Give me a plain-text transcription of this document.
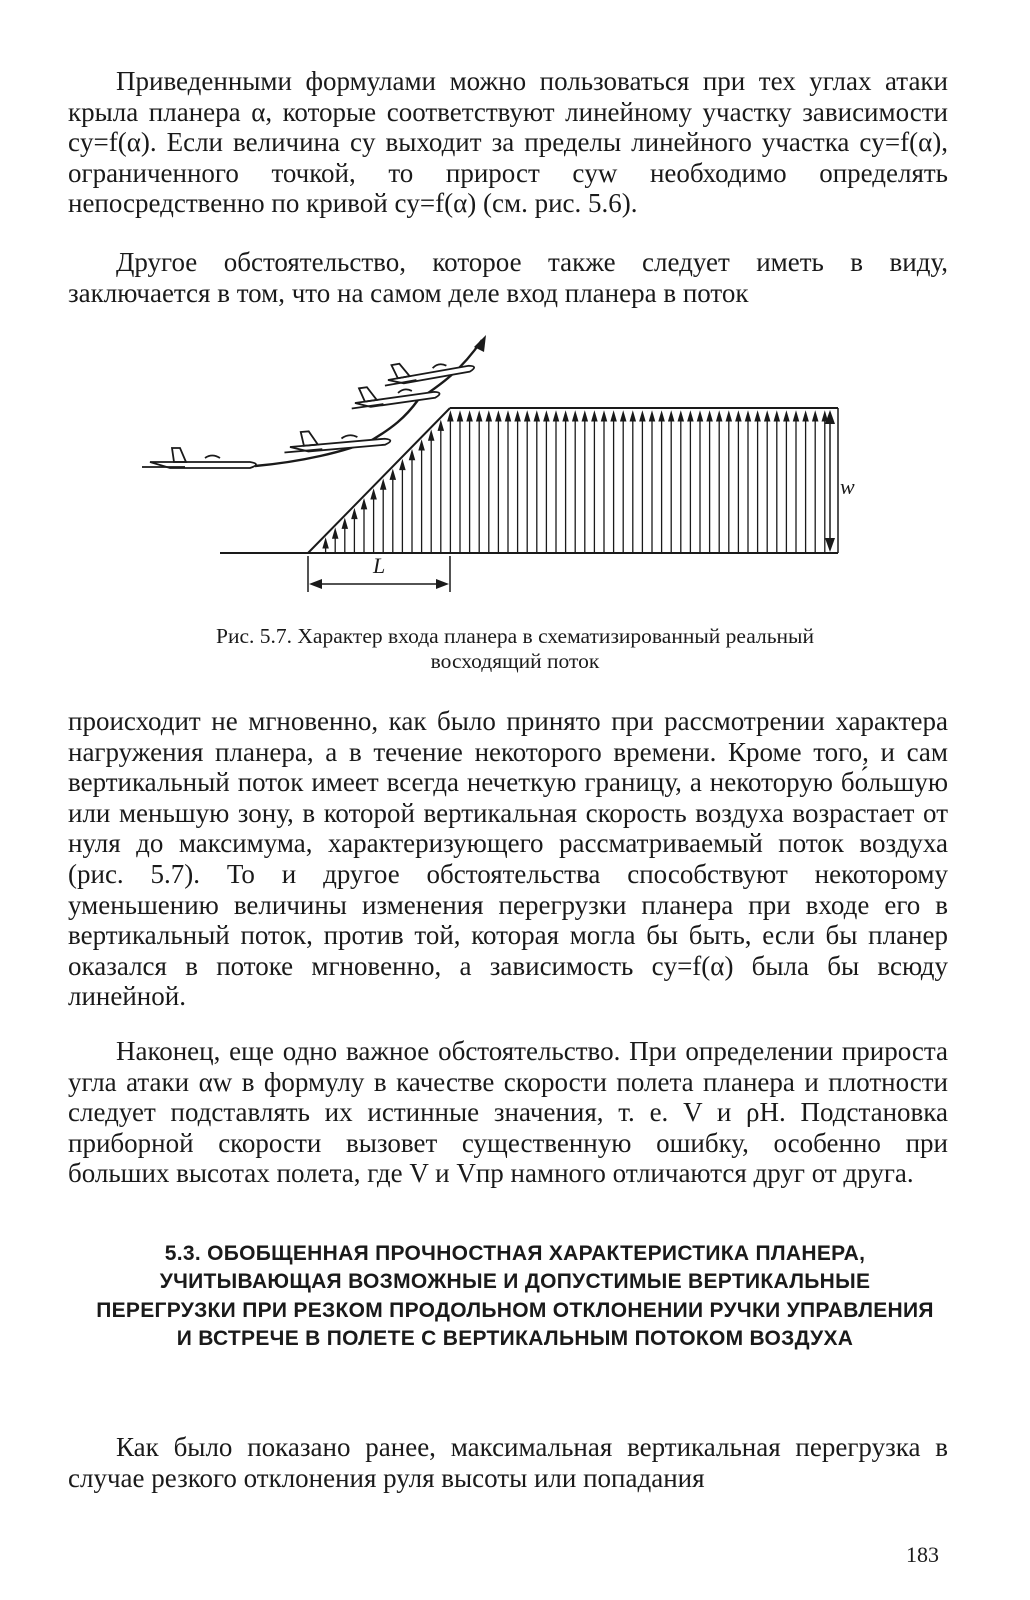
Приведенными формулами можно пользоваться при тех углах атаки крыла планера α, которые соответствуют линейному участку зависимости cy=f(α). Если величина cy выходит за пределы линейного участка cy=f(α), ограниченного точкой, то прирост cyw необходимо определять непосредственно по кривой cy=f(α) (см. рис. 5.6).

Другое обстоятельство, которое также следует иметь в виду, заключается в том, что на самом деле вход планера в поток

w
L

Рис. 5.7. Характер входа планера в схематизированный реальный восходящий поток

происходит не мгновенно, как было принято при рассмотрении характера нагружения планера, а в течение некоторого времени. Кроме того, и сам вертикальный поток имеет всегда нечеткую границу, а некоторую бо́льшую или меньшую зону, в которой вертикальная скорость воздуха возрастает от нуля до максимума, характеризующего рассматриваемый поток воздуха (рис. 5.7). То и другое обстоятельства способствуют некоторому уменьшению величины изменения перегрузки планера при входе его в вертикальный поток, против той, которая могла бы быть, если бы планер оказался в потоке мгновенно, а зависимость cy=f(α) была бы всюду линейной.

Наконец, еще одно важное обстоятельство. При определении прироста угла атаки αw в формулу в качестве скорости полета планера и плотности следует подставлять их истинные значения, т. е. V и ρH. Подстановка приборной скорости вызовет существенную ошибку, особенно при больших высотах полета, где V и Vпр намного отличаются друг от друга.

5.3. ОБОБЩЕННАЯ ПРОЧНОСТНАЯ ХАРАКТЕРИСТИКА ПЛАНЕРА, УЧИТЫВАЮЩАЯ ВОЗМОЖНЫЕ И ДОПУСТИМЫЕ ВЕРТИКАЛЬНЫЕ ПЕРЕГРУЗКИ ПРИ РЕЗКОМ ПРОДОЛЬНОМ ОТКЛОНЕНИИ РУЧКИ УПРАВЛЕНИЯ И ВСТРЕЧЕ В ПОЛЕТЕ С ВЕРТИКАЛЬНЫМ ПОТОКОМ ВОЗДУХА

Как было показано ранее, максимальная вертикальная перегрузка в случае резкого отклонения руля высоты или попадания

183
